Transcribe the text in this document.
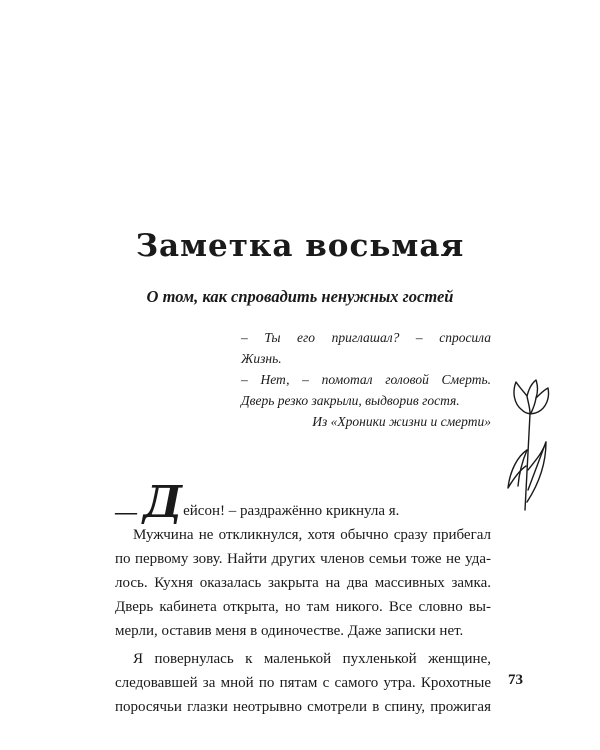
Заметка восьмая
О том, как спровадить ненужных гостей
– Ты его приглашал? – спросила
Жизнь.
– Нет, – помотал головой Смерть.
Дверь резко закрыли, выдворив гостя.
Из «Хроники жизни и смерти»
— Д ейсон! – раздражённо крикнула я.
Мужчина не откликнулся, хотя обычно сразу прибегал
по первому зову. Найти других членов семьи тоже не уда-
лось. Кухня оказалась закрыта на два массивных замка.
Дверь кабинета открыта, но там никого. Все словно вы-
мерли, оставив меня в одиночестве. Даже записки нет.
Я повернулась к маленькой пухленькой женщине,
следовавшей за мной по пятам с самого утра. Крохотные
поросячьи глазки неотрывно смотрели в спину, прожигая
73
